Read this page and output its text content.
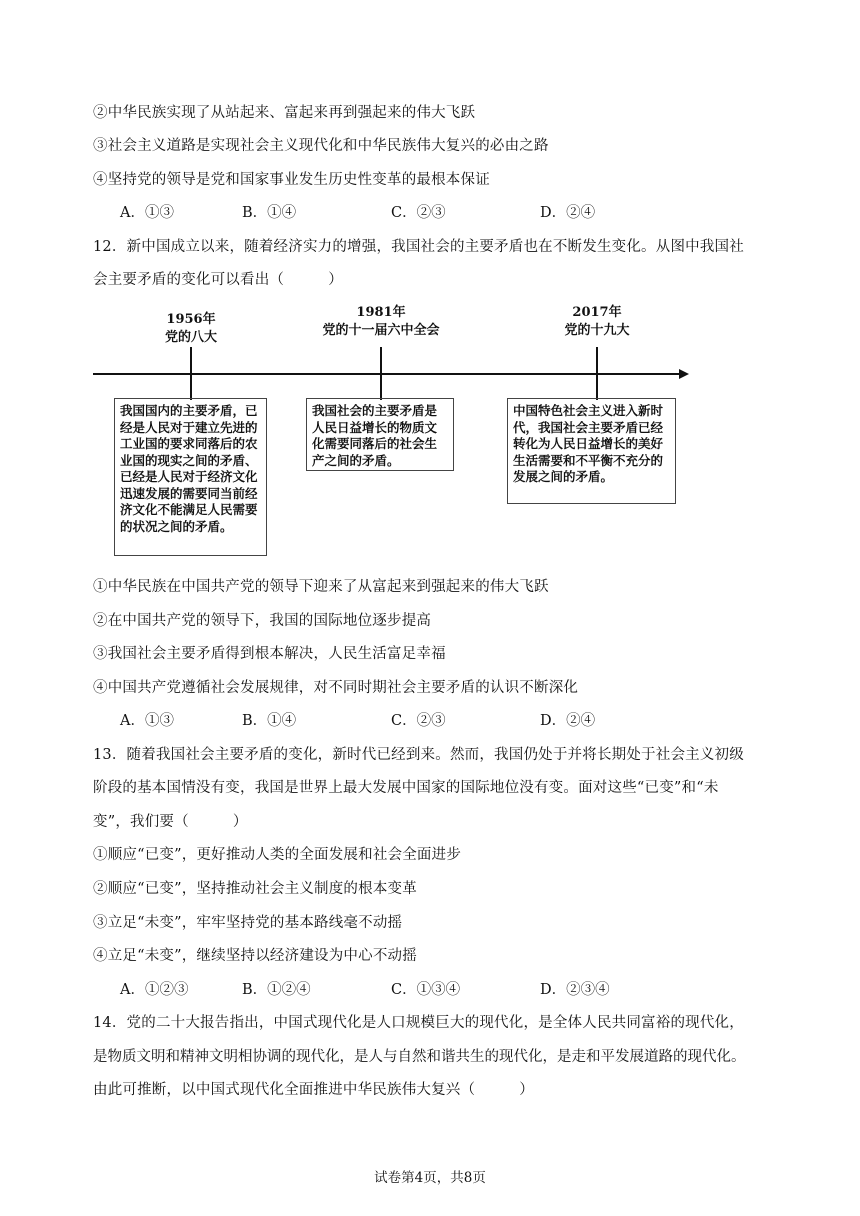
②中华民族实现了从站起来、富起来再到强起来的伟大飞跃
③社会主义道路是实现社会主义现代化和中华民族伟大复兴的必由之路
④坚持党的领导是党和国家事业发生历史性变革的最根本保证
A．①③	B．①④	C．②③	D．②④
12．新中国成立以来，随着经济实力的增强，我国社会的主要矛盾也在不断发生变化。从图中我国社
会主要矛盾的变化可以看出（　　　）
1956年
党的八大
1981年
党的十一届六中全会
2017年
党的十九大
我国国内的主要矛盾，已经是人民对于建立先进的工业国的要求同落后的农业国的现实之间的矛盾、已经是人民对于经济文化迅速发展的需要同当前经济文化不能满足人民需要的状况之间的矛盾。
我国社会的主要矛盾是人民日益增长的物质文化需要同落后的社会生产之间的矛盾。
中国特色社会主义进入新时代，我国社会主要矛盾已经转化为人民日益增长的美好生活需要和不平衡不充分的发展之间的矛盾。
①中华民族在中国共产党的领导下迎来了从富起来到强起来的伟大飞跃
②在中国共产党的领导下，我国的国际地位逐步提高
③我国社会主要矛盾得到根本解决，人民生活富足幸福
④中国共产党遵循社会发展规律，对不同时期社会主要矛盾的认识不断深化
A．①③	B．①④	C．②③	D．②④
13．随着我国社会主要矛盾的变化，新时代已经到来。然而，我国仍处于并将长期处于社会主义初级
阶段的基本国情没有变，我国是世界上最大发展中国家的国际地位没有变。面对这些“已变”和“未
变”，我们要（　　　）
①顺应“已变”，更好推动人类的全面发展和社会全面进步
②顺应“已变”，坚持推动社会主义制度的根本变革
③立足“未变”，牢牢坚持党的基本路线毫不动摇
④立足“未变”，继续坚持以经济建设为中心不动摇
A．①②③	B．①②④	C．①③④	D．②③④
14．党的二十大报告指出，中国式现代化是人口规模巨大的现代化，是全体人民共同富裕的现代化，
是物质文明和精神文明相协调的现代化，是人与自然和谐共生的现代化，是走和平发展道路的现代化。
由此可推断，以中国式现代化全面推进中华民族伟大复兴（　　　）
试卷第4页，共8页
